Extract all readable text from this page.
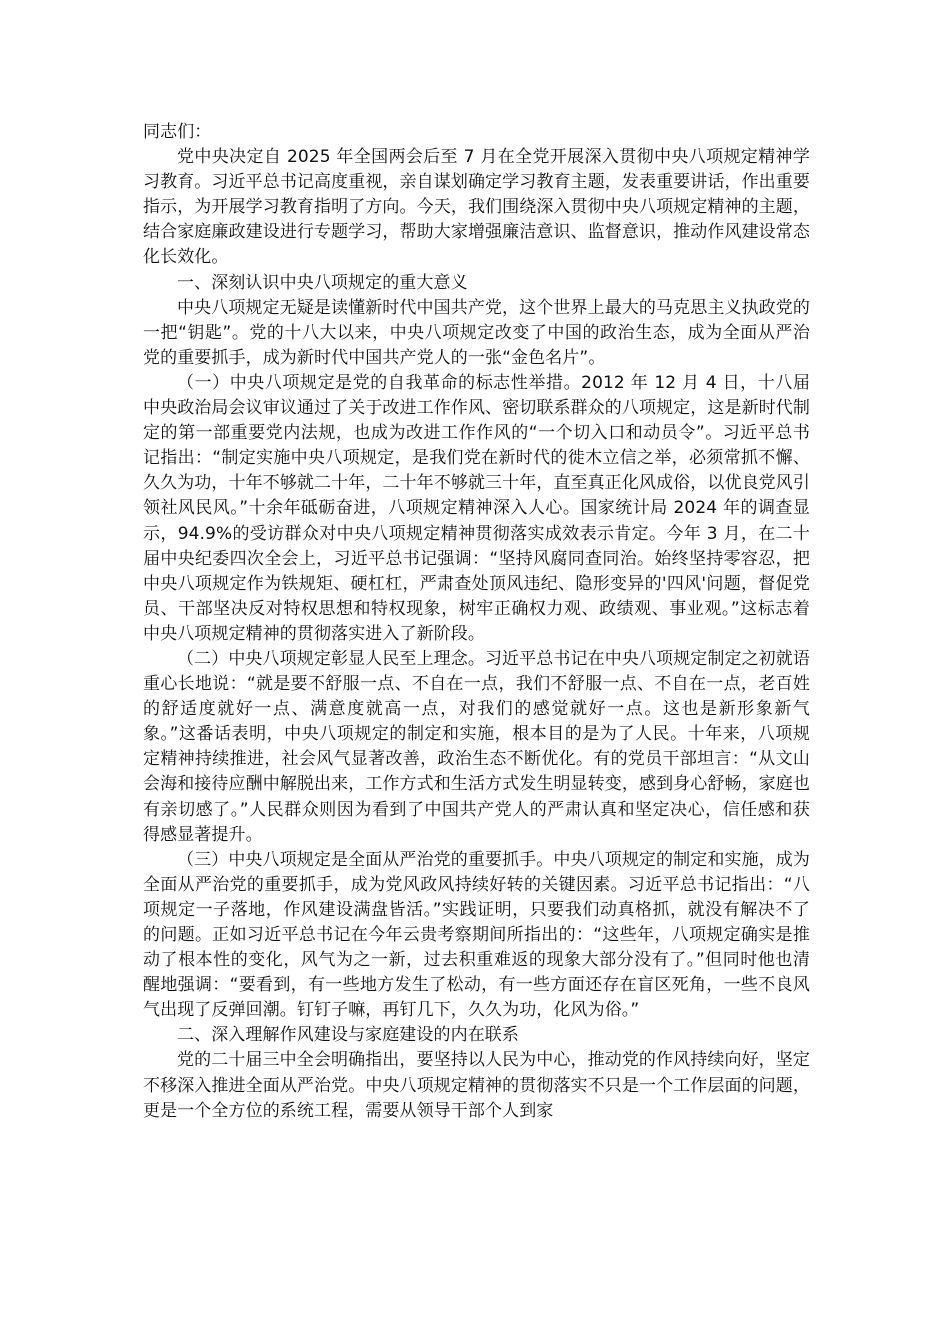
同志们：

党中央决定自 2025 年全国两会后至 7 月在全党开展深入贯彻中央八项规定精神学习教育。习近平总书记高度重视，亲自谋划确定学习教育主题，发表重要讲话，作出重要指示，为开展学习教育指明了方向。今天，我们围绕深入贯彻中央八项规定精神的主题，结合家庭廉政建设进行专题学习，帮助大家增强廉洁意识、监督意识，推动作风建设常态化长效化。

一、深刻认识中央八项规定的重大意义

中央八项规定无疑是读懂新时代中国共产党，这个世界上最大的马克思主义执政党的一把“钥匙”。党的十八大以来，中央八项规定改变了中国的政治生态，成为全面从严治党的重要抓手，成为新时代中国共产党人的一张“金色名片”。

（一）中央八项规定是党的自我革命的标志性举措。2012 年 12 月 4 日，十八届中央政治局会议审议通过了关于改进工作作风、密切联系群众的八项规定，这是新时代制定的第一部重要党内法规，也成为改进工作作风的“一个切入口和动员令”。习近平总书记指出：“制定实施中央八项规定，是我们党在新时代的徙木立信之举，必须常抓不懈、久久为功，十年不够就二十年，二十年不够就三十年，直至真正化风成俗，以优良党风引领社风民风。”十余年砥砺奋进，八项规定精神深入人心。国家统计局 2024 年的调查显示，94.9%的受访群众对中央八项规定精神贯彻落实成效表示肯定。今年 3 月，在二十届中央纪委四次全会上，习近平总书记强调：“坚持风腐同查同治。始终坚持零容忍，把中央八项规定作为铁规矩、硬杠杠，严肃查处顶风违纪、隐形变异的'四风'问题，督促党员、干部坚决反对特权思想和特权现象，树牢正确权力观、政绩观、事业观。”这标志着中央八项规定精神的贯彻落实进入了新阶段。

（二）中央八项规定彰显人民至上理念。习近平总书记在中央八项规定制定之初就语重心长地说：“就是要不舒服一点、不自在一点，我们不舒服一点、不自在一点，老百姓的舒适度就好一点、满意度就高一点，对我们的感觉就好一点。这也是新形象新气象。”这番话表明，中央八项规定的制定和实施，根本目的是为了人民。十年来，八项规定精神持续推进，社会风气显著改善，政治生态不断优化。有的党员干部坦言：“从文山会海和接待应酬中解脱出来，工作方式和生活方式发生明显转变，感到身心舒畅，家庭也有亲切感了。”人民群众则因为看到了中国共产党人的严肃认真和坚定决心，信任感和获得感显著提升。

（三）中央八项规定是全面从严治党的重要抓手。中央八项规定的制定和实施，成为全面从严治党的重要抓手，成为党风政风持续好转的关键因素。习近平总书记指出：“八项规定一子落地，作风建设满盘皆活。”实践证明，只要我们动真格抓，就没有解决不了的问题。正如习近平总书记在今年云贵考察期间所指出的：“这些年，八项规定确实是推动了根本性的变化，风气为之一新，过去积重难返的现象大部分没有了。”但同时他也清醒地强调：“要看到，有一些地方发生了松动，有一些方面还存在盲区死角，一些不良风气出现了反弹回潮。钉钉子嘛，再钉几下，久久为功，化风为俗。”

二、深入理解作风建设与家庭建设的内在联系

党的二十届三中全会明确指出，要坚持以人民为中心，推动党的作风持续向好，坚定不移深入推进全面从严治党。中央八项规定精神的贯彻落实不只是一个工作层面的问题，更是一个全方位的系统工程，需要从领导干部个人到家
